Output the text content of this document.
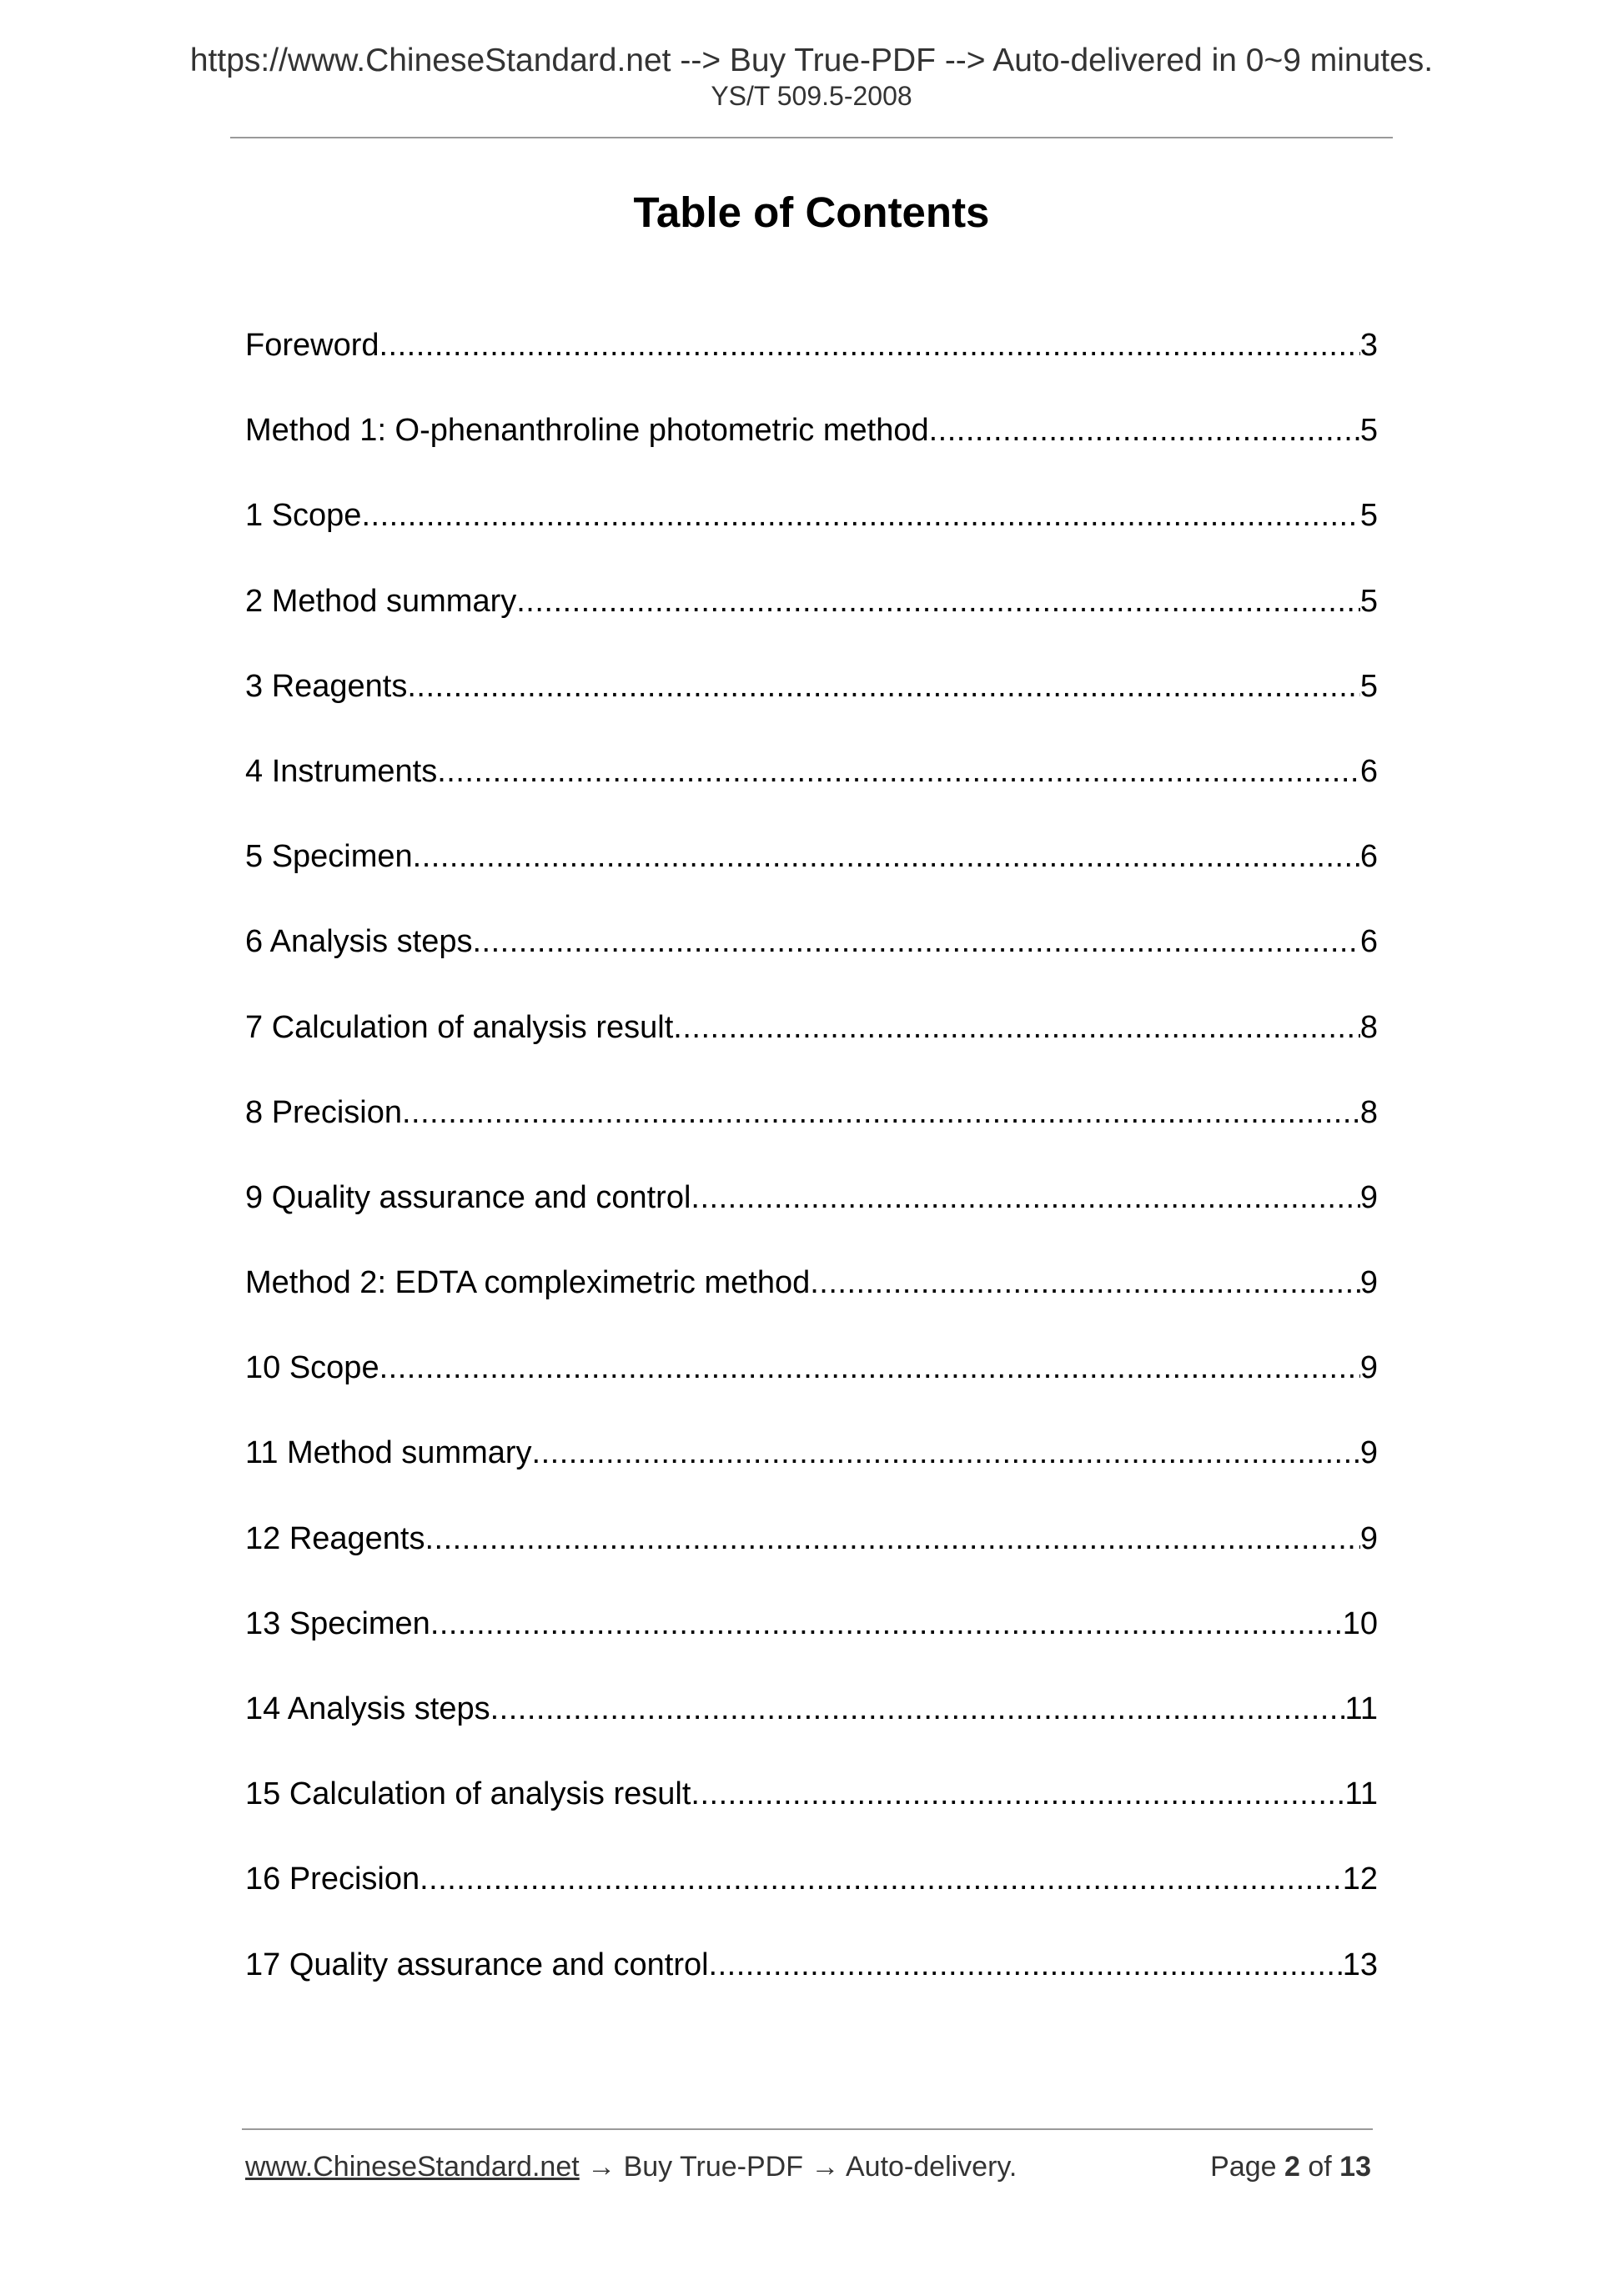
https://www.ChineseStandard.net --> Buy True-PDF --> Auto-delivered in 0~9 minutes.
YS/T 509.5-2008
Table of Contents
Foreword .....	3
Method 1: O-phenanthroline photometric method .....	5
1 Scope .....	5
2 Method summary .....	5
3 Reagents .....	5
4 Instruments .....	6
5 Specimen .....	6
6 Analysis steps .....	6
7 Calculation of analysis result .....	8
8 Precision .....	8
9 Quality assurance and control .....	9
Method 2: EDTA compleximetric method .....	9
10 Scope .....	9
11 Method summary .....	9
12 Reagents .....	9
13 Specimen .....	10
14 Analysis steps .....	11
15 Calculation of analysis result .....	11
16 Precision .....	12
17 Quality assurance and control .....	13
www.ChineseStandard.net → Buy True-PDF → Auto-delivery.	Page 2 of 13
